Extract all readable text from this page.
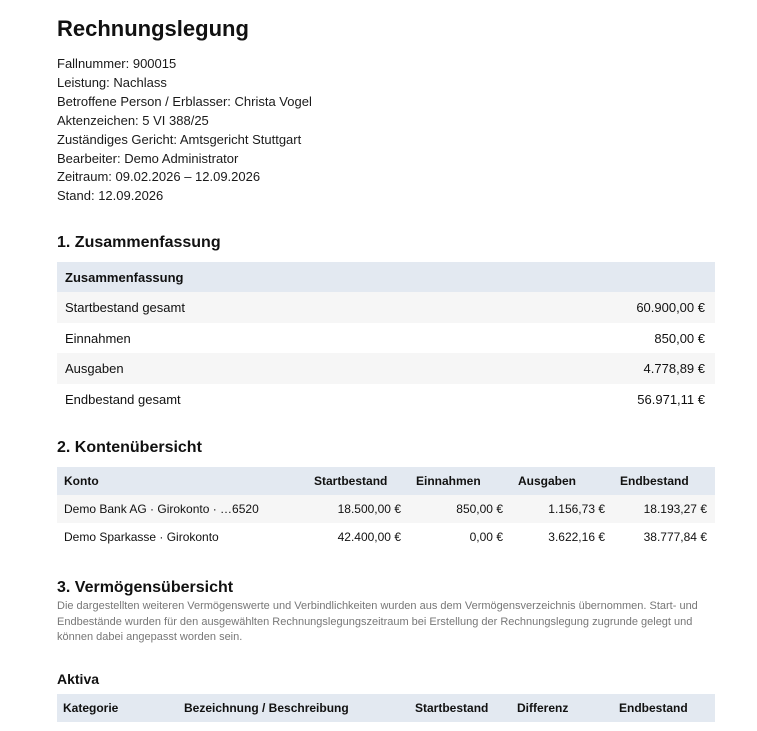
Rechnungslegung
Fallnummer: 900015
Leistung: Nachlass
Betroffene Person / Erblasser: Christa Vogel
Aktenzeichen: 5 VI 388/25
Zuständiges Gericht: Amtsgericht Stuttgart
Bearbeiter: Demo Administrator
Zeitraum: 09.02.2026 – 12.09.2026
Stand: 12.09.2026
1. Zusammenfassung
Zusammenfassung	
Startbestand gesamt	60.900,00 €
Einnahmen	850,00 €
Ausgaben	4.778,89 €
Endbestand gesamt	56.971,11 €
2. Kontenübersicht
Konto	Startbestand	Einnahmen	Ausgaben	Endbestand
Demo Bank AG · Girokonto · …6520	18.500,00 €	850,00 €	1.156,73 €	18.193,27 €
Demo Sparkasse · Girokonto	42.400,00 €	0,00 €	3.622,16 €	38.777,84 €
3. Vermögensübersicht
Die dargestellten weiteren Vermögenswerte und Verbindlichkeiten wurden aus dem Vermögensverzeichnis übernommen. Start- und Endbestände wurden für den ausgewählten Rechnungslegungszeitraum bei Erstellung der Rechnungslegung zugrunde gelegt und können dabei angepasst worden sein.
Aktiva
Kategorie	Bezeichnung / Beschreibung	Startbestand	Differenz	Endbestand
